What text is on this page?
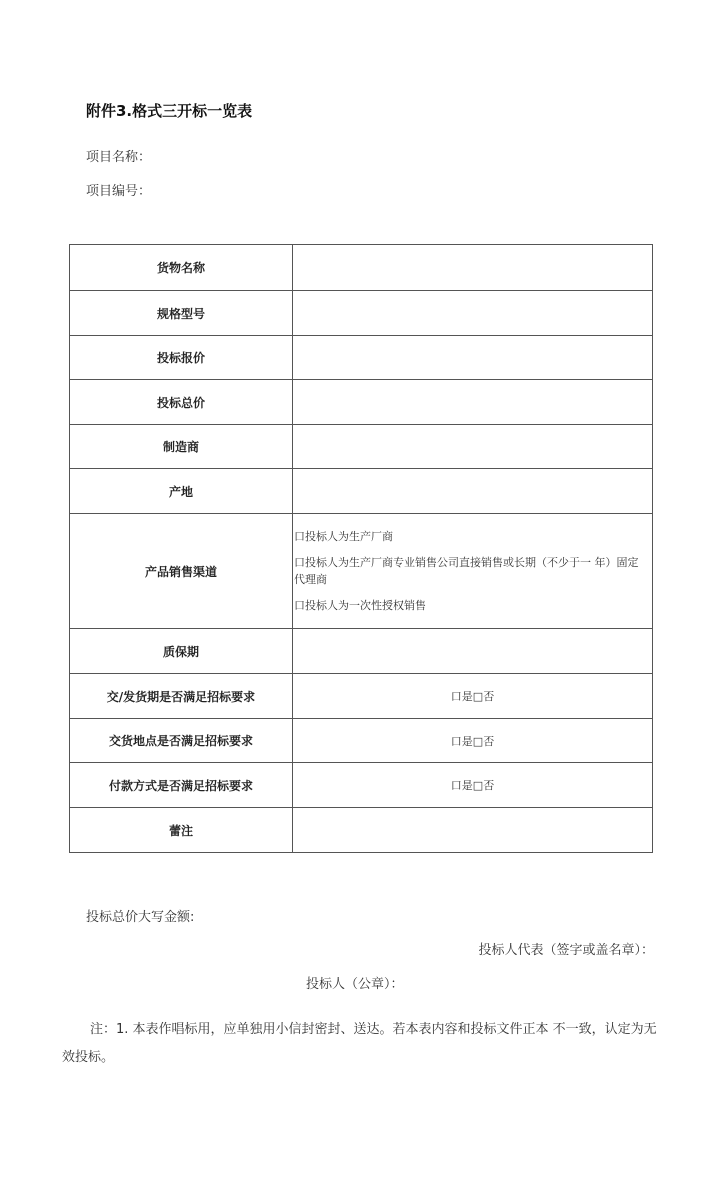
附件3.格式三开标一览表
项目名称：
项目编号：
货物名称	
规格型号	
投标报价	
投标总价	
制造商	
产地	
产品销售渠道	口投标人为生产厂商
口投标人为生产厂商专业销售公司直接销售或长期（不少于一 年）固定代理商
口投标人为一次性授权销售

质保期	
交/发货期是否满足招标要求	口是□否
交货地点是否满足招标要求	口是□否
付款方式是否满足招标要求	口是□否
蕾注	
投标总价大写金额:
投标人代表（签字或盖名章）：
投标人（公章）：
注：1. 本表作唱标用，应单独用小信封密封、送达。若本表内容和投标文件正本 不一致，认定为无效投标。
